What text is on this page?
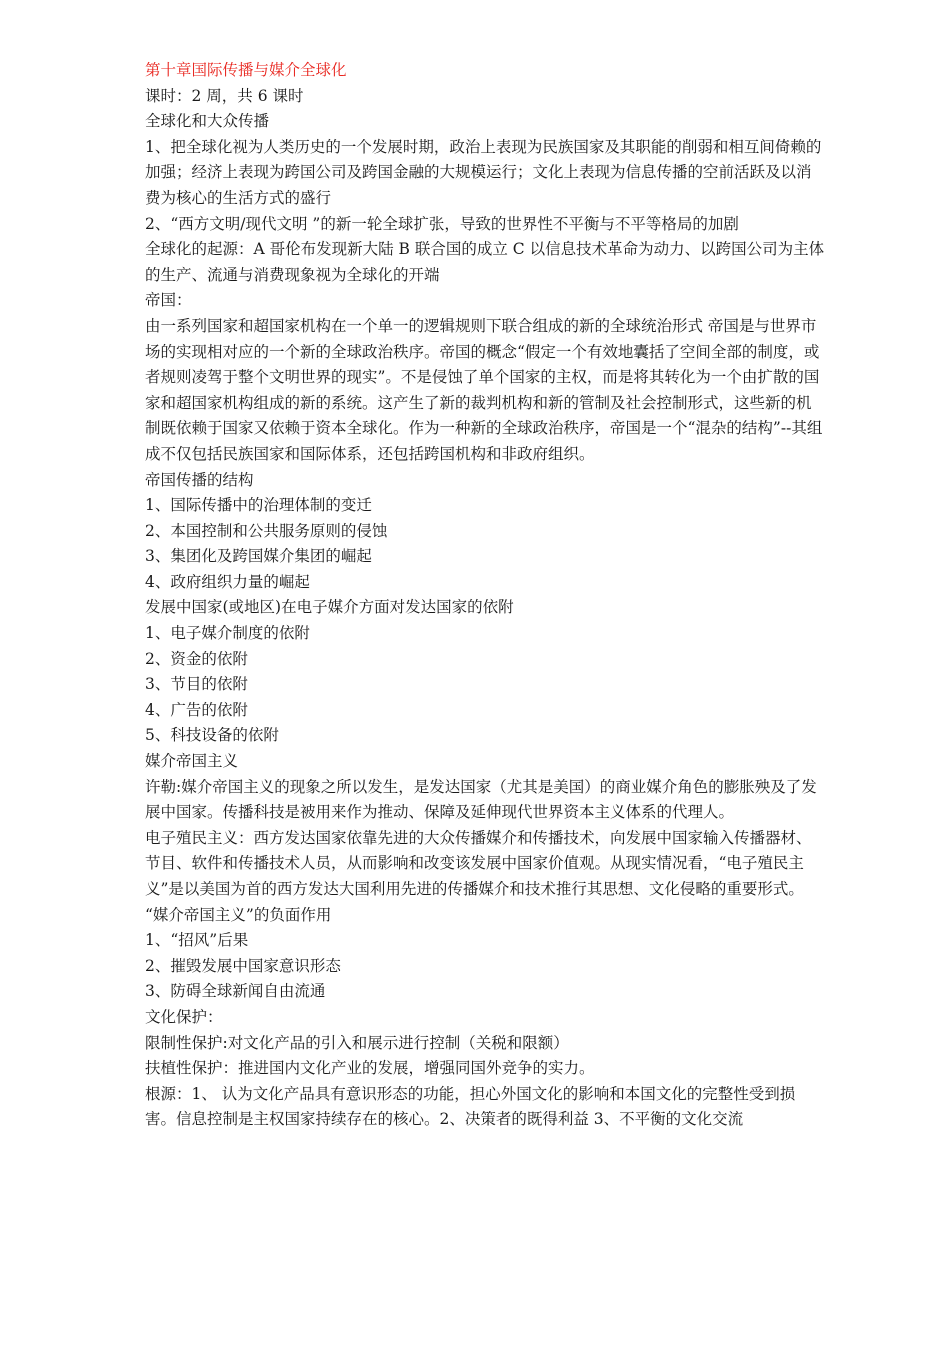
第十章国际传播与媒介全球化

课时：2 周，共 6 课时

全球化和大众传播

1、把全球化视为人类历史的一个发展时期，政治上表现为民族国家及其职能的削弱和相互间倚赖的加强；经济上表现为跨国公司及跨国金融的大规模运行；文化上表现为信息传播的空前活跃及以消费为核心的生活方式的盛行

2、“西方文明/现代文明 ”的新一轮全球扩张，导致的世界性不平衡与不平等格局的加剧

全球化的起源：A 哥伦布发现新大陆 B 联合国的成立 C 以信息技术革命为动力、以跨国公司为主体的生产、流通与消费现象视为全球化的开端

帝国：

由一系列国家和超国家机构在一个单一的逻辑规则下联合组成的新的全球统治形式 帝国是与世界市场的实现相对应的一个新的全球政治秩序。帝国的概念“假定一个有效地囊括了空间全部的制度，或者规则凌驾于整个文明世界的现实”。不是侵蚀了单个国家的主权，而是将其转化为一个由扩散的国家和超国家机构组成的新的系统。这产生了新的裁判机构和新的管制及社会控制形式，这些新的机制既依赖于国家又依赖于资本全球化。作为一种新的全球政治秩序，帝国是一个“混杂的结构”--其组成不仅包括民族国家和国际体系，还包括跨国机构和非政府组织。

帝国传播的结构

1、国际传播中的治理体制的变迁

2、本国控制和公共服务原则的侵蚀

3、集团化及跨国媒介集团的崛起

4、政府组织力量的崛起

发展中国家(或地区)在电子媒介方面对发达国家的依附

1、电子媒介制度的依附

2、资金的依附

3、节目的依附

4、广告的依附

5、科技设备的依附

媒介帝国主义

许勒:媒介帝国主义的现象之所以发生，是发达国家（尤其是美国）的商业媒介角色的膨胀殃及了发展中国家。传播科技是被用来作为推动、保障及延伸现代世界资本主义体系的代理人。

电子殖民主义：西方发达国家依靠先进的大众传播媒介和传播技术，向发展中国家输入传播器材、节目、软件和传播技术人员，从而影响和改变该发展中国家价值观。从现实情况看，“电子殖民主义”是以美国为首的西方发达大国利用先进的传播媒介和技术推行其思想、文化侵略的重要形式。

“媒介帝国主义”的负面作用

1、“招风”后果

2、摧毁发展中国家意识形态

3、防碍全球新闻自由流通

文化保护：

限制性保护:对文化产品的引入和展示进行控制（关税和限额）

扶植性保护：推进国内文化产业的发展，增强同国外竞争的实力。

根源：1、 认为文化产品具有意识形态的功能，担心外国文化的影响和本国文化的完整性受到损害。信息控制是主权国家持续存在的核心。2、决策者的既得利益 3、不平衡的文化交流
